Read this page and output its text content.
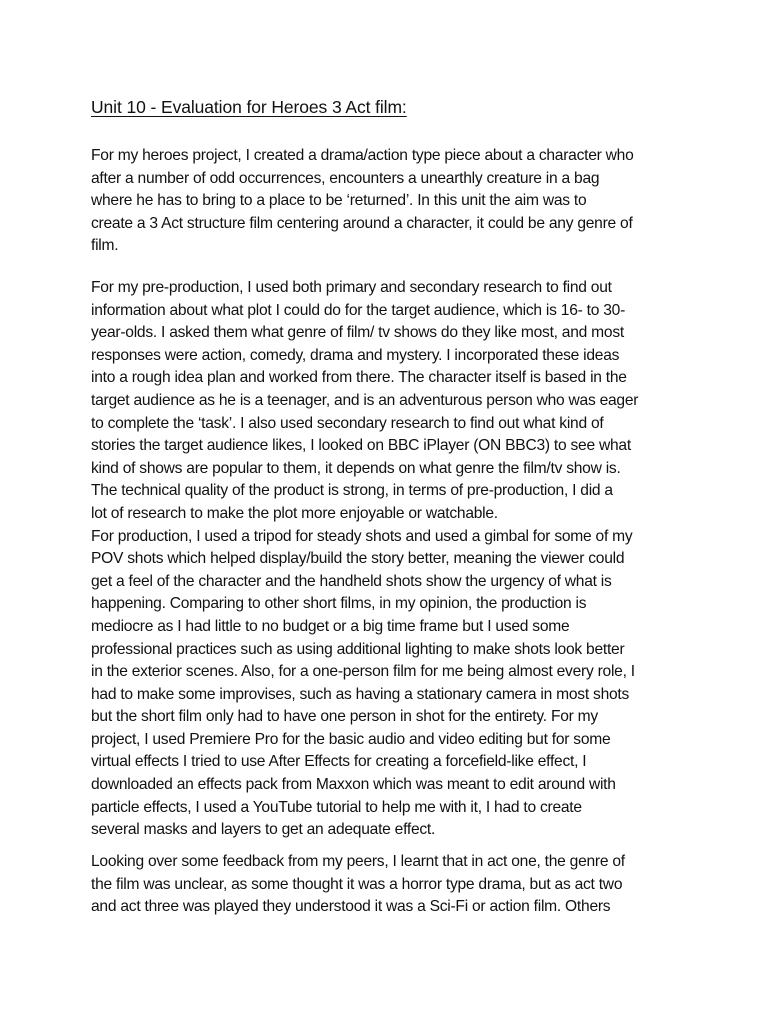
Unit 10 - Evaluation for Heroes 3 Act film:
For my heroes project, I created a drama/action type piece about a character who
after a number of odd occurrences, encounters a unearthly creature in a bag
where he has to bring to a place to be ‘returned’. In this unit the aim was to
create a 3 Act structure film centering around a character, it could be any genre of
film.
For my pre-production, I used both primary and secondary research to find out
information about what plot I could do for the target audience, which is 16- to 30-
year-olds. I asked them what genre of film/ tv shows do they like most, and most
responses were action, comedy, drama and mystery. I incorporated these ideas
into a rough idea plan and worked from there. The character itself is based in the
target audience as he is a teenager, and is an adventurous person who was eager
to complete the ‘task’. I also used secondary research to find out what kind of
stories the target audience likes, I looked on BBC iPlayer (ON BBC3) to see what
kind of shows are popular to them, it depends on what genre the film/tv show is.
The technical quality of the product is strong, in terms of pre-production, I did a
lot of research to make the plot more enjoyable or watchable.
For production, I used a tripod for steady shots and used a gimbal for some of my
POV shots which helped display/build the story better, meaning the viewer could
get a feel of the character and the handheld shots show the urgency of what is
happening. Comparing to other short films, in my opinion, the production is
mediocre as I had little to no budget or a big time frame but I used some
professional practices such as using additional lighting to make shots look better
in the exterior scenes. Also, for a one-person film for me being almost every role, I
had to make some improvises, such as having a stationary camera in most shots
but the short film only had to have one person in shot for the entirety. For my
project, I used Premiere Pro for the basic audio and video editing but for some
virtual effects I tried to use After Effects for creating a forcefield-like effect, I
downloaded an effects pack from Maxxon which was meant to edit around with
particle effects, I used a YouTube tutorial to help me with it, I had to create
several masks and layers to get an adequate effect.
Looking over some feedback from my peers, I learnt that in act one, the genre of
the film was unclear, as some thought it was a horror type drama, but as act two
and act three was played they understood it was a Sci-Fi or action film. Others
